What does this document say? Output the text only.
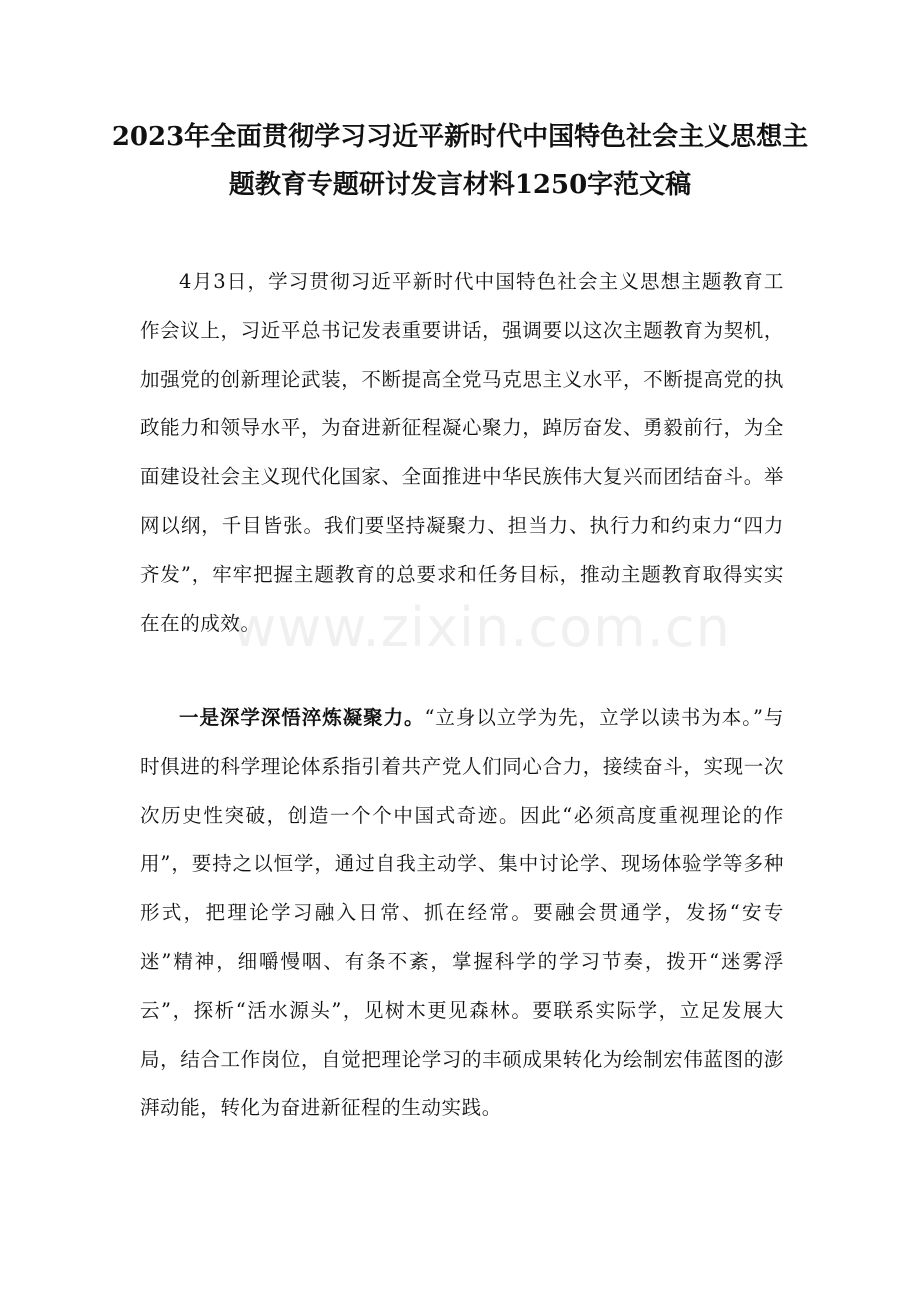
2023年全面贯彻学习习近平新时代中国特色社会主义思想主题教育专题研讨发言材料1250字范文稿
www.zixin.com.cn

4月3日，学习贯彻习近平新时代中国特色社会主义思想主题教育工作会议上，习近平总书记发表重要讲话，强调要以这次主题教育为契机，加强党的创新理论武装，不断提高全党马克思主义水平，不断提高党的执政能力和领导水平，为奋进新征程凝心聚力，踔厉奋发、勇毅前行，为全面建设社会主义现代化国家、全面推进中华民族伟大复兴而团结奋斗。举网以纲，千目皆张。我们要坚持凝聚力、担当力、执行力和约束力“四力齐发”，牢牢把握主题教育的总要求和任务目标，推动主题教育取得实实在在的成效。

一是深学深悟淬炼凝聚力。“立身以立学为先，立学以读书为本。”与时俱进的科学理论体系指引着共产党人们同心合力，接续奋斗，实现一次次历史性突破，创造一个个中国式奇迹。因此“必须高度重视理论的作用”，要持之以恒学，通过自我主动学、集中讨论学、现场体验学等多种形式，把理论学习融入日常、抓在经常。要融会贯通学，发扬“安专迷”精神，细嚼慢咽、有条不紊，掌握科学的学习节奏，拨开“迷雾浮云”，探析“活水源头”，见树木更见森林。要联系实际学，立足发展大局，结合工作岗位，自觉把理论学习的丰硕成果转化为绘制宏伟蓝图的澎湃动能，转化为奋进新征程的生动实践。
